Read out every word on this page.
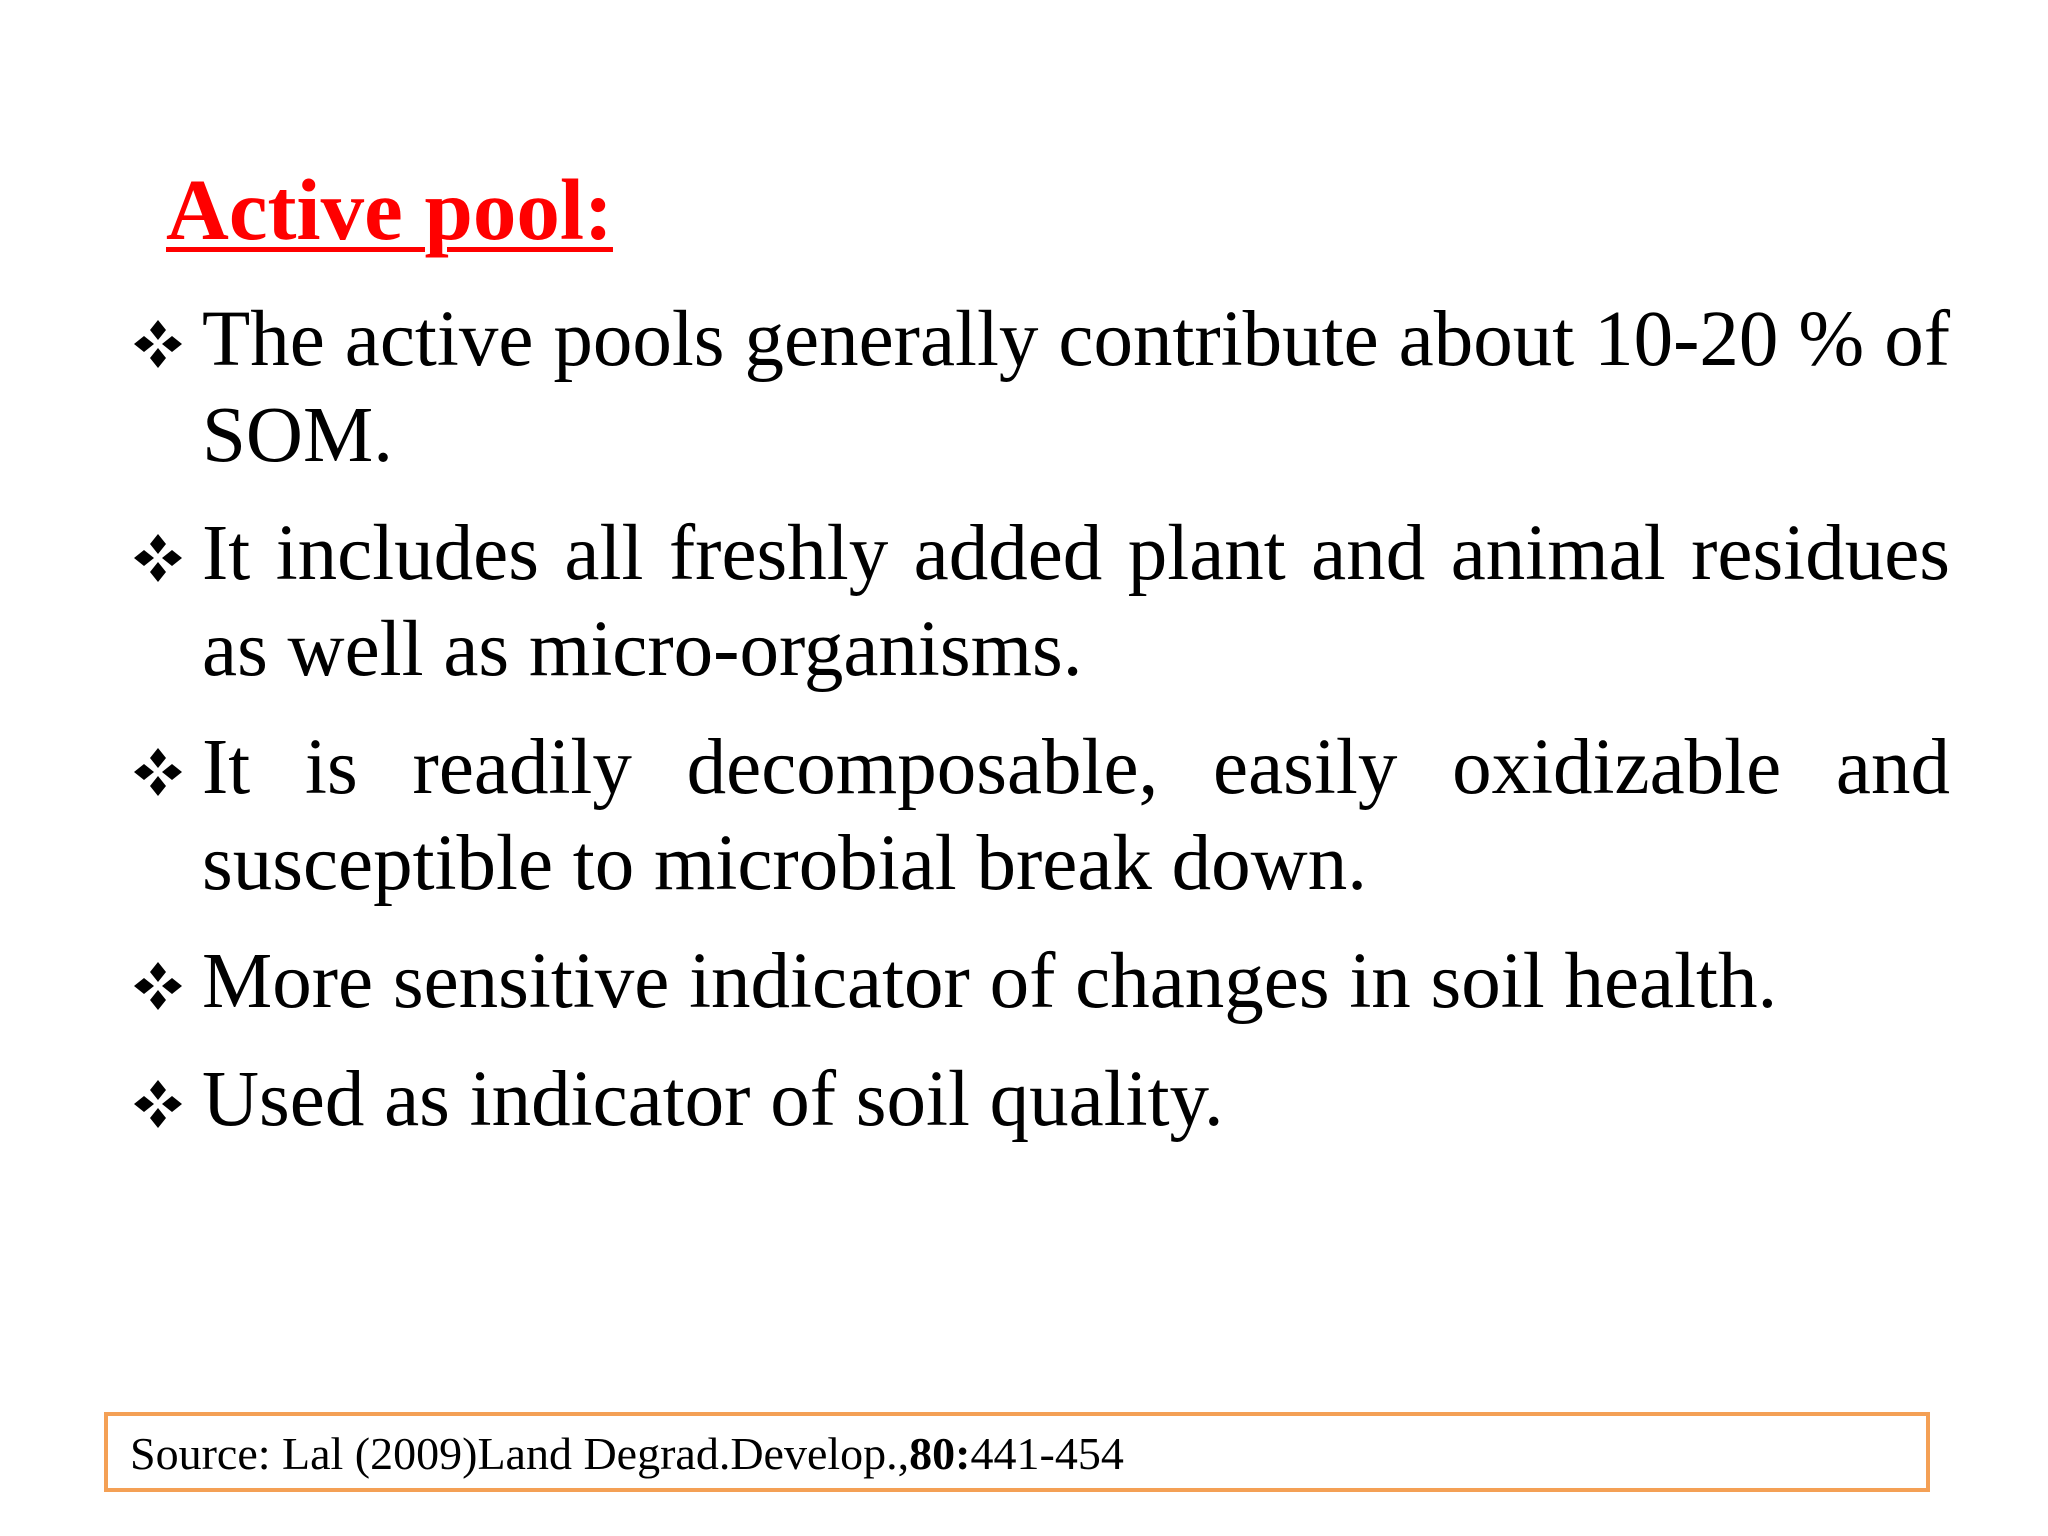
Active pool:
The active pools generally contribute about 10-20 % of SOM.
It includes all freshly added plant and animal residues as well as micro-organisms.
It is readily decomposable, easily oxidizable and susceptible to microbial break down.
More sensitive indicator of changes in soil health.
Used as indicator of soil quality.
Source: Lal (2009)Land Degrad.Develop.,80:441-454
